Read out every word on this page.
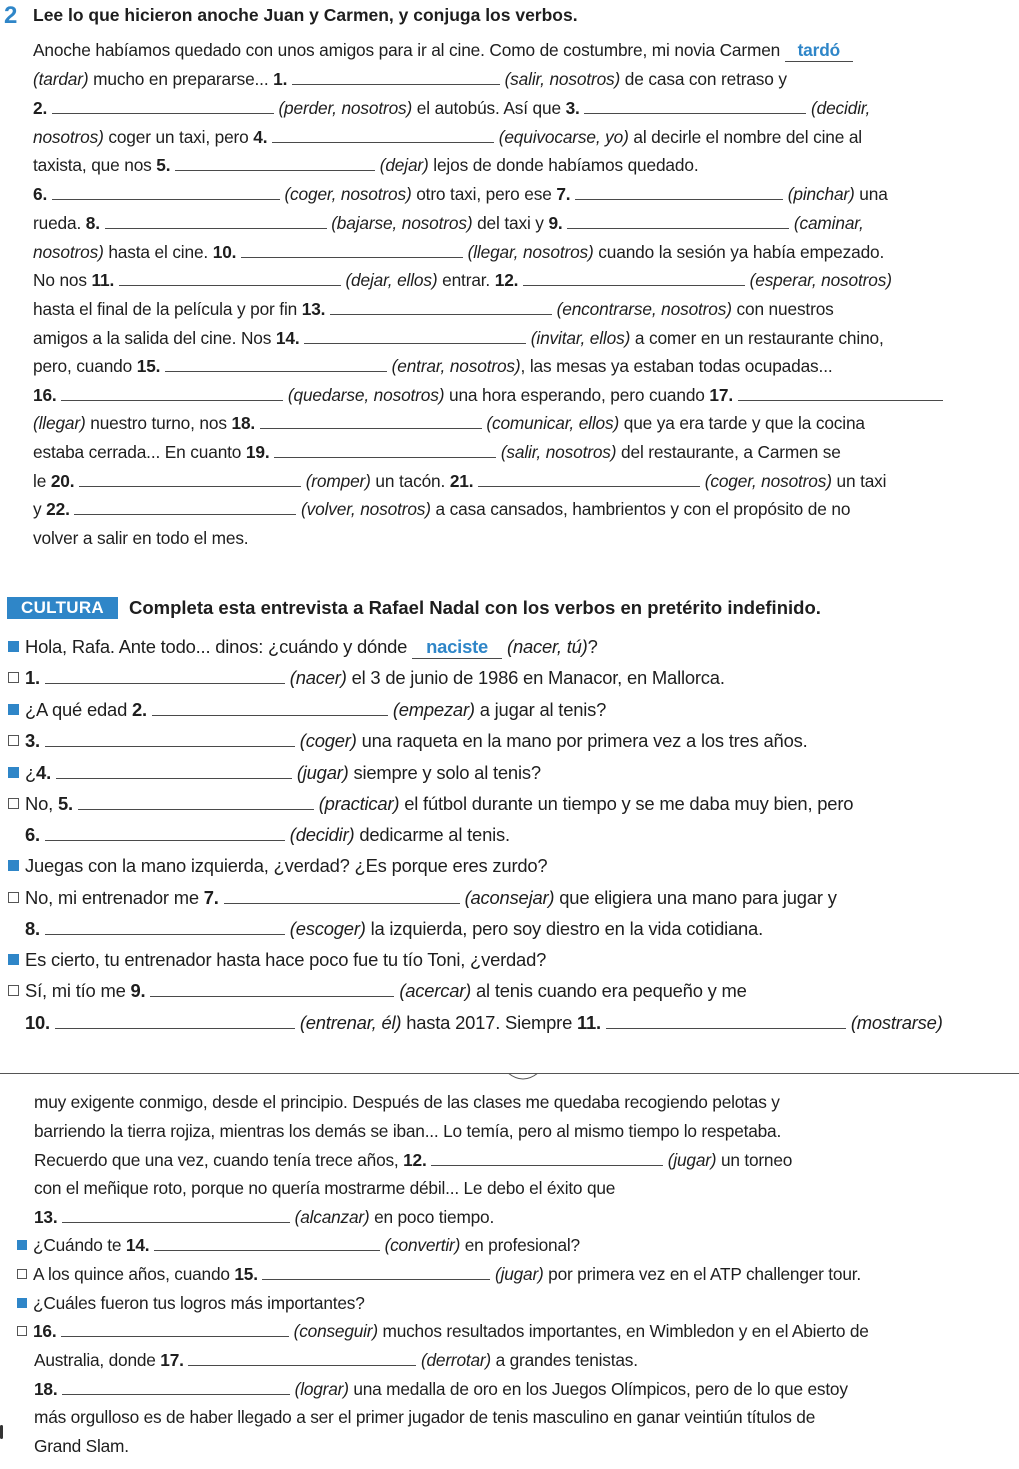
2 Lee lo que hicieron anoche Juan y Carmen, y conjuga los verbos.
Anoche habíamos quedado con unos amigos para ir al cine. Como de costumbre, mi novia Carmen tardó
(tardar) mucho en prepararse... 1.	(salir, nosotros) de casa con retraso y
2.	(perder, nosotros) el autobús. Así que 3.	(decidir,
nosotros) coger un taxi, pero 4.	(equivocarse, yo) al decirle el nombre del cine al
taxista, que nos 5.	(dejar) lejos de donde habíamos quedado.
6.	(coger, nosotros) otro taxi, pero ese 7.	(pinchar) una
rueda. 8.	(bajarse, nosotros) del taxi y 9.	(caminar,
nosotros) hasta el cine. 10.	(llegar, nosotros) cuando la sesión ya había empezado.
No nos 11.	(dejar, ellos) entrar. 12.	(esperar, nosotros)
hasta el final de la película y por fin 13.	(encontrarse, nosotros) con nuestros
amigos a la salida del cine. Nos 14.	(invitar, ellos) a comer en un restaurante chino,
pero, cuando 15.	(entrar, nosotros), las mesas ya estaban todas ocupadas...
16.	(quedarse, nosotros) una hora esperando, pero cuando 17.
(llegar) nuestro turno, nos 18.	(comunicar, ellos) que ya era tarde y que la cocina
estaba cerrada... En cuanto 19.	(salir, nosotros) del restaurante, a Carmen se
le 20.	(romper) un tacón. 21.	(coger, nosotros) un taxi
y 22.	(volver, nosotros) a casa cansados, hambrientos y con el propósito de no
volver a salir en todo el mes.
CULTURA	Completa esta entrevista a Rafael Nadal con los verbos en pretérito indefinido.
Hola, Rafa. Ante todo... dinos: ¿cuándo y dónde naciste (nacer, tú)?
1.	(nacer) el 3 de junio de 1986 en Manacor, en Mallorca.
¿A qué edad 2.	(empezar) a jugar al tenis?
3.	(coger) una raqueta en la mano por primera vez a los tres años.
¿4.	(jugar) siempre y solo al tenis?
No, 5.	(practicar) el fútbol durante un tiempo y se me daba muy bien, pero
6.	(decidir) dedicarme al tenis.
Juegas con la mano izquierda, ¿verdad? ¿Es porque eres zurdo?
No, mi entrenador me 7.	(aconsejar) que eligiera una mano para jugar y
8.	(escoger) la izquierda, pero soy diestro en la vida cotidiana.
Es cierto, tu entrenador hasta hace poco fue tu tío Toni, ¿verdad?
Sí, mi tío me 9.	(acercar) al tenis cuando era pequeño y me
10.	(entrenar, él) hasta 2017. Siempre 11.	(mostrarse)
muy exigente conmigo, desde el principio. Después de las clases me quedaba recogiendo pelotas y
barriendo la tierra rojiza, mientras los demás se iban... Lo temía, pero al mismo tiempo lo respetaba.
Recuerdo que una vez, cuando tenía trece años, 12.	(jugar) un torneo
con el meñique roto, porque no quería mostrarme débil... Le debo el éxito que
13.	(alcanzar) en poco tiempo.
¿Cuándo te 14.	(convertir) en profesional?
A los quince años, cuando 15.	(jugar) por primera vez en el ATP challenger tour.
¿Cuáles fueron tus logros más importantes?
16.	(conseguir) muchos resultados importantes, en Wimbledon y en el Abierto de
Australia, donde 17.	(derrotar) a grandes tenistas.
18.	(lograr) una medalla de oro en los Juegos Olímpicos, pero de lo que estoy
más orgulloso es de haber llegado a ser el primer jugador de tenis masculino en ganar veintiún títulos de
Grand Slam.
